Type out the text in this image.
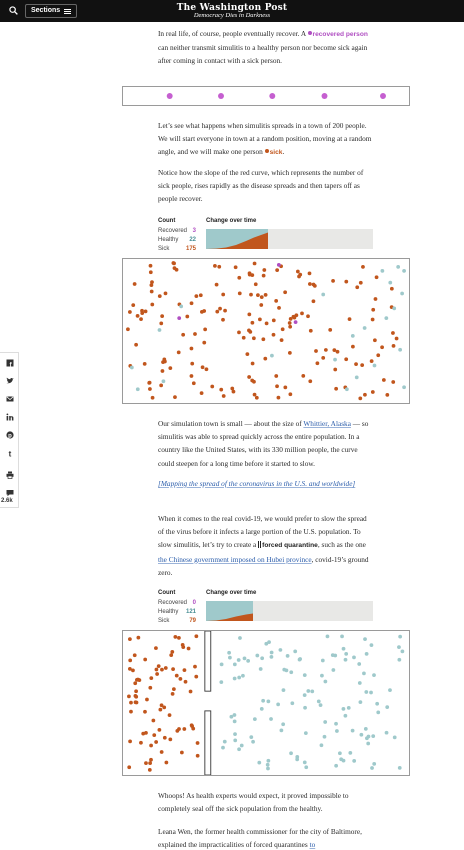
Sections	The Washington Post
Democracy Dies in Darkness

In real life, of course, people eventually recover. A recovered person can neither transmit simulitis to a healthy person nor become sick again after coming in contact with a sick person.

Let’s see what happens when simulitis spreads in a town of 200 people. We will start everyone in town at a random position, moving at a random angle, and we will make one person sick.

Notice how the slope of the red curve, which represents the number of sick people, rises rapidly as the disease spreads and then tapers off as people recover.

Count
Recovered 3
Healthy	22
Sick	175
Change over time

Our simulation town is small — about the size of Whittier, Alaska — so simulitis was able to spread quickly across the entire population. In a country like the United States, with its 330 million people, the curve could steepen for a long time before it started to slow.

[Mapping the spread of the coronavirus in the U.S. and worldwide]

When it comes to the real covid-19, we would prefer to slow the spread of the virus before it infects a large portion of the U.S. population. To slow simulitis, let’s try to create a forced quarantine, such as the one the Chinese government imposed on Hubei province, covid-19’s ground zero.

Count
Recovered 0
Healthy 121
Sick	79
Change over time

Whoops! As health experts would expect, it proved impossible to completely seal off the sick population from the healthy.

Leana Wen, the former health commissioner for the city of Baltimore, explained the impracticalities of forced quarantines to

f
p
t
2.6k
